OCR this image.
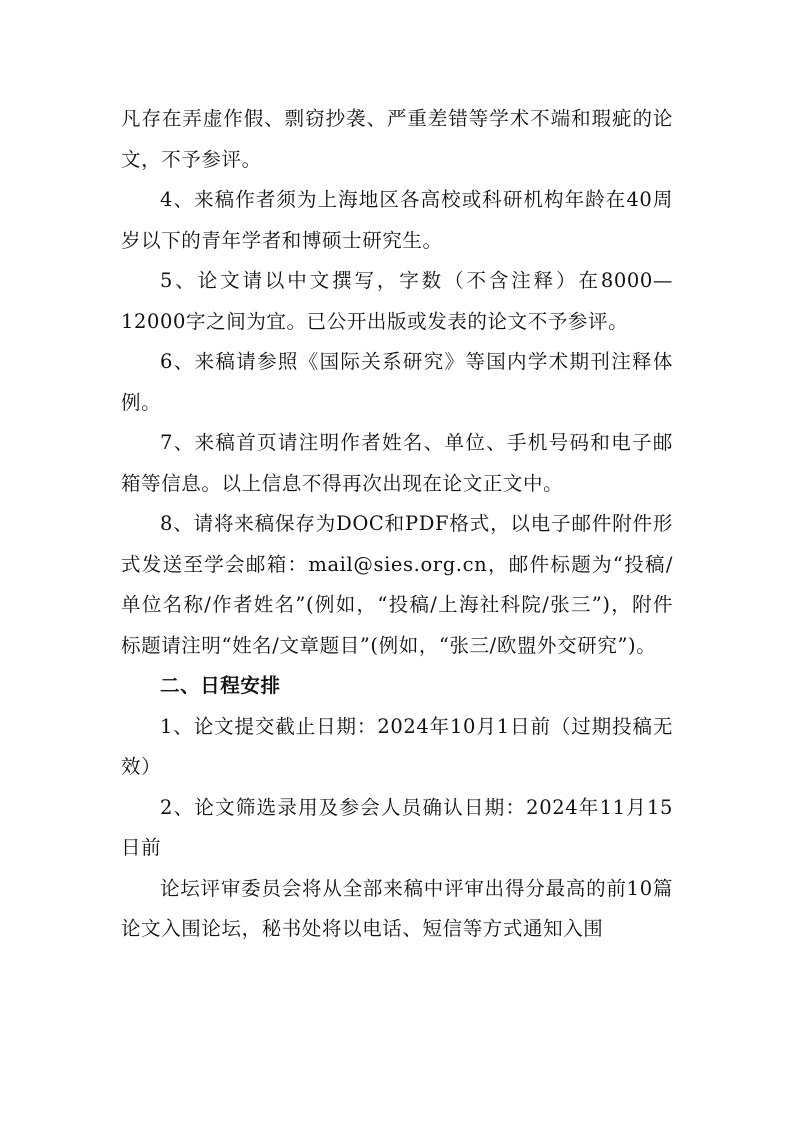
凡存在弄虚作假、剽窃抄袭、严重差错等学术不端和瑕疵的论文，不予参评。

4、来稿作者须为上海地区各高校或科研机构年龄在40周岁以下的青年学者和博硕士研究生。

5、论文请以中文撰写，字数（不含注释）在8000—12000字之间为宜。已公开出版或发表的论文不予参评。

6、来稿请参照《国际关系研究》等国内学术期刊注释体例。

7、来稿首页请注明作者姓名、单位、手机号码和电子邮箱等信息。以上信息不得再次出现在论文正文中。

8、请将来稿保存为DOC和PDF格式，以电子邮件附件形式发送至学会邮箱：mail@sies.org.cn，邮件标题为“投稿/单位名称/作者姓名”(例如，“投稿/上海社科院/张三”)，附件标题请注明“姓名/文章题目”(例如，“张三/欧盟外交研究”)。

二、日程安排

1、论文提交截止日期：2024年10月1日前（过期投稿无效）

2、论文筛选录用及参会人员确认日期：2024年11月15日前

论坛评审委员会将从全部来稿中评审出得分最高的前10篇论文入围论坛，秘书处将以电话、短信等方式通知入围
